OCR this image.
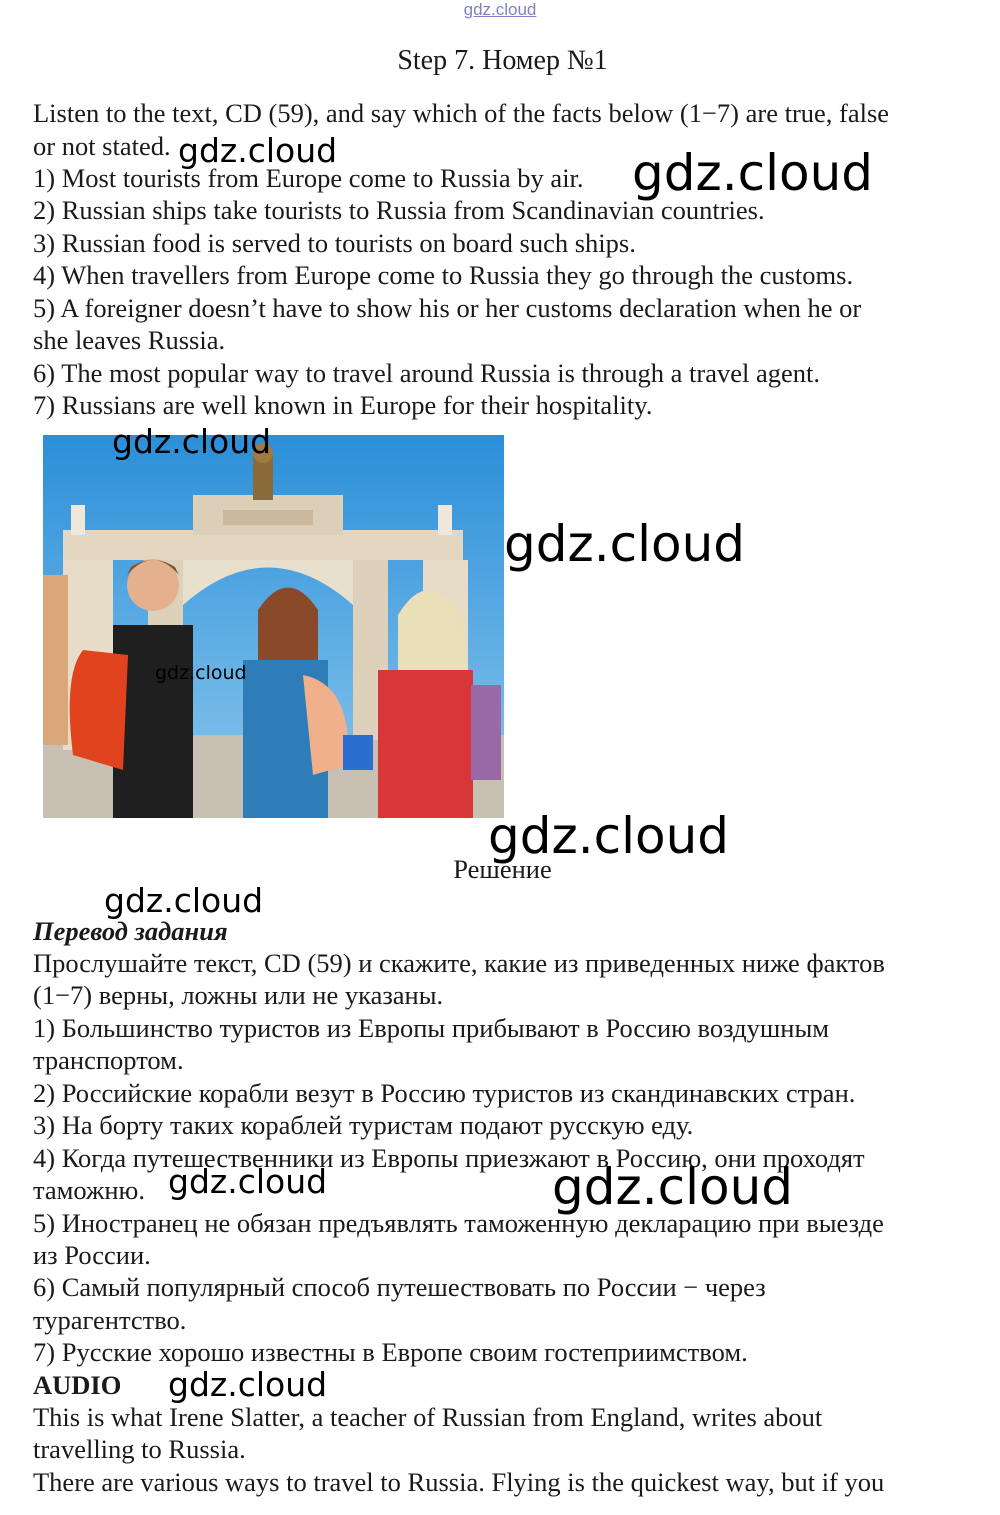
gdz.cloud
Step 7. Номер №1
Listen to the text, CD (59), and say which of the facts below (1−7) are true, false
or not stated.
1) Most tourists from Europe come to Russia by air.
2) Russian ships take tourists to Russia from Scandinavian countries.
3) Russian food is served to tourists on board such ships.
4) When travellers from Europe come to Russia they go through the customs.
5) A foreigner doesn’t have to show his or her customs declaration when he or
she leaves Russia.
6) The most popular way to travel around Russia is through a travel agent.
7) Russians are well known in Europe for their hospitality.
gdz.cloud	gdz.cloud
gdz.cloud
gdz.cloud
gdz.cloud
gdz.cloud
Решение
gdz.cloud
Перевод задания
Прослушайте текст, CD (59) и скажите, какие из приведенных ниже фактов
(1−7) верны, ложны или не указаны.
1) Большинство туристов из Европы прибывают в Россию воздушным
транспортом.
2) Российские корабли везут в Россию туристов из скандинавских стран.
3) На борту таких кораблей туристам подают русскую еду.
4) Когда путешественники из Европы приезжают в Россию, они проходят
таможню.
5) Иностранец не обязан предъявлять таможенную декларацию при выезде
из России.
6) Самый популярный способ путешествовать по России − через
турагентство.
7) Русские хорошо известны в Европе своим гостеприимством.
gdz.cloud	gdz.cloud
AUDIO gdz.cloud
This is what Irene Slatter, a teacher of Russian from England, writes about
travelling to Russia.
There are various ways to travel to Russia. Flying is the quickest way, but if you
